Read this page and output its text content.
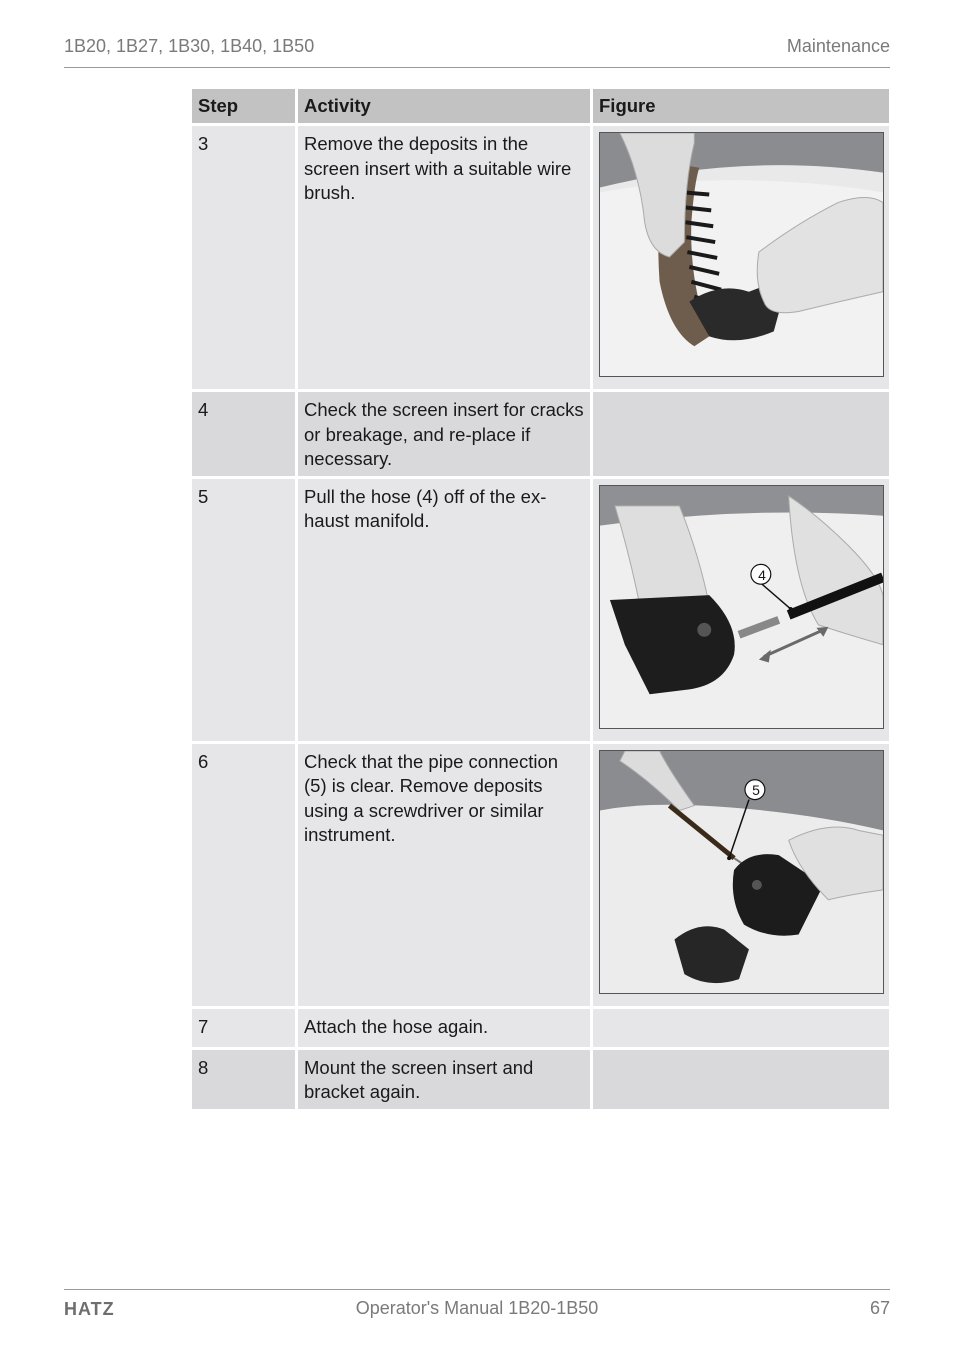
1B20, 1B27, 1B30, 1B40, 1B50	Maintenance
Step	Activity	Figure
3	Remove the deposits in the screen insert with a suitable wire brush.	

4	Check the screen insert for cracks or breakage, and re-place if necessary.	
5	Pull the hose (4) off of the ex-haust manifold.	4

6	Check that the pipe connection (5) is clear. Remove deposits using a screwdriver or similar instrument.	5

7	Attach the hose again.	
8	Mount the screen insert and bracket again.	
HATZ	Operator's Manual 1B20-1B50	67
